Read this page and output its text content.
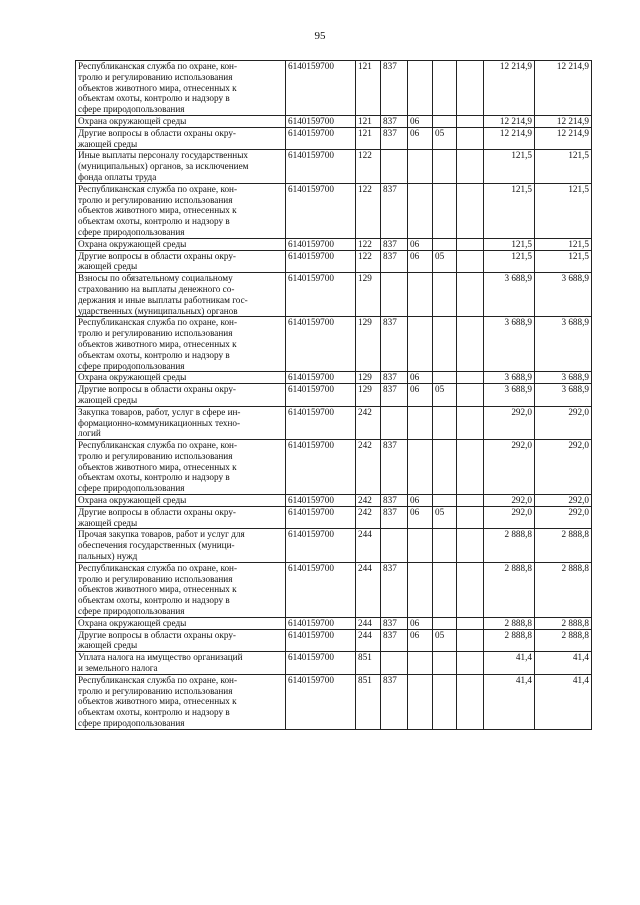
95
Республиканская служба по охране, кон-
тролю и регулированию использования
объектов животного мира, отнесенных к
объектам охоты, контролю и надзору в
сфере природопользования	6140159700	121	837				12 214,9	12 214,9
Охрана окружающей среды	6140159700	121	837	06			12 214,9	12 214,9
Другие вопросы в области охраны окру-
жающей среды	6140159700	121	837	06	05		12 214,9	12 214,9
Иные выплаты персоналу государственных
(муниципальных) органов, за исключением
фонда оплаты труда	6140159700	122					121,5	121,5
Республиканская служба по охране, кон-
тролю и регулированию использования
объектов животного мира, отнесенных к
объектам охоты, контролю и надзору в
сфере природопользования	6140159700	122	837				121,5	121,5
Охрана окружающей среды	6140159700	122	837	06			121,5	121,5
Другие вопросы в области охраны окру-
жающей среды	6140159700	122	837	06	05		121,5	121,5
Взносы по обязательному социальному
страхованию на выплаты денежного со-
держания и иные выплаты работникам гос-
ударственных (муниципальных) органов	6140159700	129					3 688,9	3 688,9
Республиканская служба по охране, кон-
тролю и регулированию использования
объектов животного мира, отнесенных к
объектам охоты, контролю и надзору в
сфере природопользования	6140159700	129	837				3 688,9	3 688,9
Охрана окружающей среды	6140159700	129	837	06			3 688,9	3 688,9
Другие вопросы в области охраны окру-
жающей среды	6140159700	129	837	06	05		3 688,9	3 688,9
Закупка товаров, работ, услуг в сфере ин-
формационно-коммуникационных техно-
логий	6140159700	242					292,0	292,0
Республиканская служба по охране, кон-
тролю и регулированию использования
объектов животного мира, отнесенных к
объектам охоты, контролю и надзору в
сфере природопользования	6140159700	242	837				292,0	292,0
Охрана окружающей среды	6140159700	242	837	06			292,0	292,0
Другие вопросы в области охраны окру-
жающей среды	6140159700	242	837	06	05		292,0	292,0
Прочая закупка товаров, работ и услуг для
обеспечения государственных (муници-
пальных) нужд	6140159700	244					2 888,8	2 888,8
Республиканская служба по охране, кон-
тролю и регулированию использования
объектов животного мира, отнесенных к
объектам охоты, контролю и надзору в
сфере природопользования	6140159700	244	837				2 888,8	2 888,8
Охрана окружающей среды	6140159700	244	837	06			2 888,8	2 888,8
Другие вопросы в области охраны окру-
жающей среды	6140159700	244	837	06	05		2 888,8	2 888,8
Уплата налога на имущество организаций
и земельного налога	6140159700	851					41,4	41,4
Республиканская служба по охране, кон-
тролю и регулированию использования
объектов животного мира, отнесенных к
объектам охоты, контролю и надзору в
сфере природопользования	6140159700	851	837				41,4	41,4
